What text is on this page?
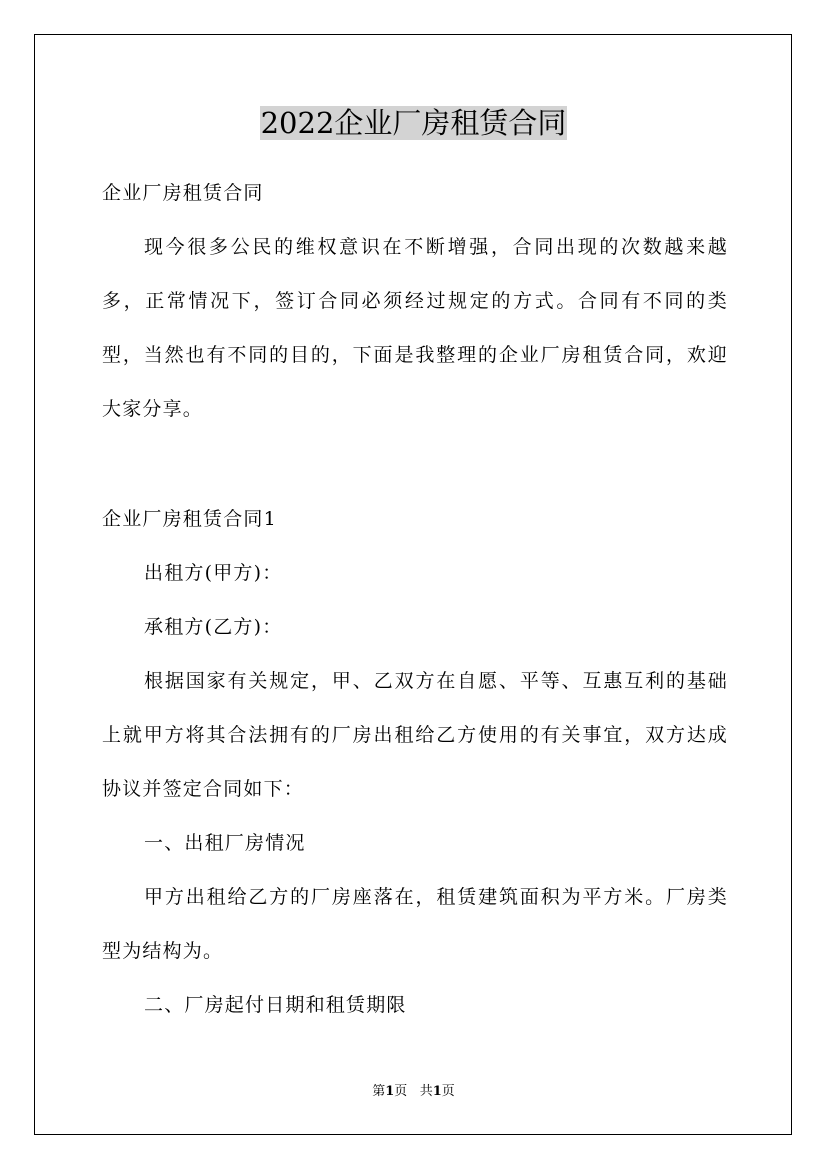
2022企业厂房租赁合同

企业厂房租赁合同

现今很多公民的维权意识在不断增强，合同出现的次数越来越多，正常情况下，签订合同必须经过规定的方式。合同有不同的类型，当然也有不同的目的，下面是我整理的企业厂房租赁合同，欢迎大家分享。

企业厂房租赁合同1

出租方(甲方)：

承租方(乙方)：

根据国家有关规定，甲、乙双方在自愿、平等、互惠互利的基础上就甲方将其合法拥有的厂房出租给乙方使用的有关事宜，双方达成协议并签定合同如下：

一、出租厂房情况

甲方出租给乙方的厂房座落在，租赁建筑面积为平方米。厂房类型为结构为。

二、厂房起付日期和租赁期限

第1页 共1页
